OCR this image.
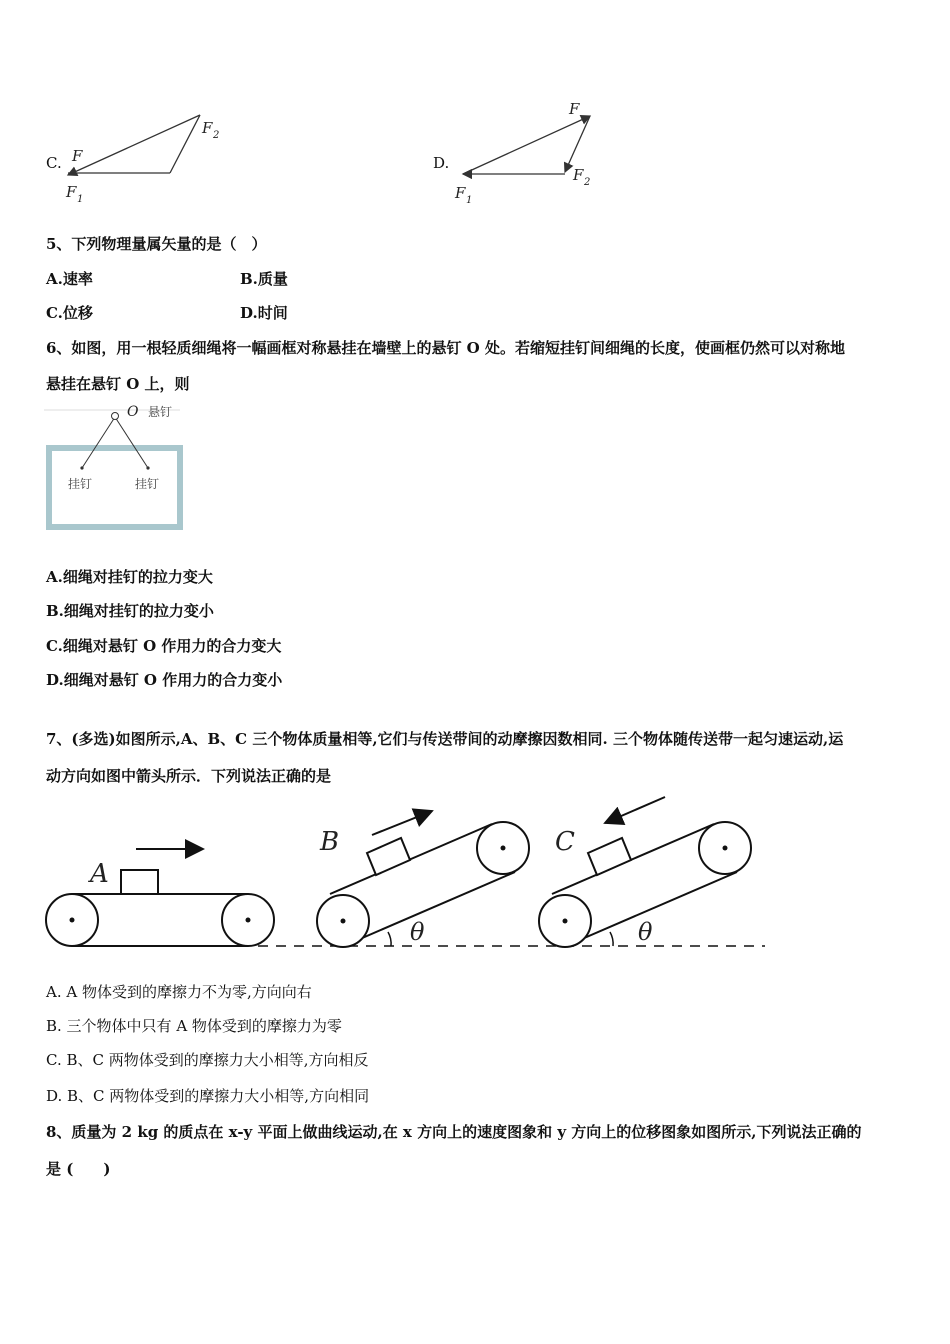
C. F
F 1
F 2
D.
F
F 1
F 2
5、下列物理量属矢量的是（　）
A.速率	B.质量
C.位移	D.时间
6、如图，用一根轻质细绳将一幅画框对称悬挂在墙壁上的悬钉 O 处。若缩短挂钉间细绳的长度，使画框仍然可以对称地
悬挂在悬钉 O 上，则
O 悬钉
挂钉	挂钉
A.细绳对挂钉的拉力变大
B.细绳对挂钉的拉力变小
C.细绳对悬钉 O 作用力的合力变大
D.细绳对悬钉 O 作用力的合力变小
7、(多选)如图所示,A、B、C 三个物体质量相等,它们与传送带间的动摩擦因数相同. 三个物体随传送带一起匀速运动,运
动方向如图中箭头所示．下列说法正确的是
A
B
θ
C
θ
A. A 物体受到的摩擦力不为零,方向向右
B. 三个物体中只有 A 物体受到的摩擦力为零
C. B、C 两物体受到的摩擦力大小相等,方向相反
D. B、C 两物体受到的摩擦力大小相等,方向相同
8、质量为 2 kg 的质点在 x-y 平面上做曲线运动,在 x 方向上的速度图象和 y 方向上的位移图象如图所示,下列说法正确的
是 (　　)
